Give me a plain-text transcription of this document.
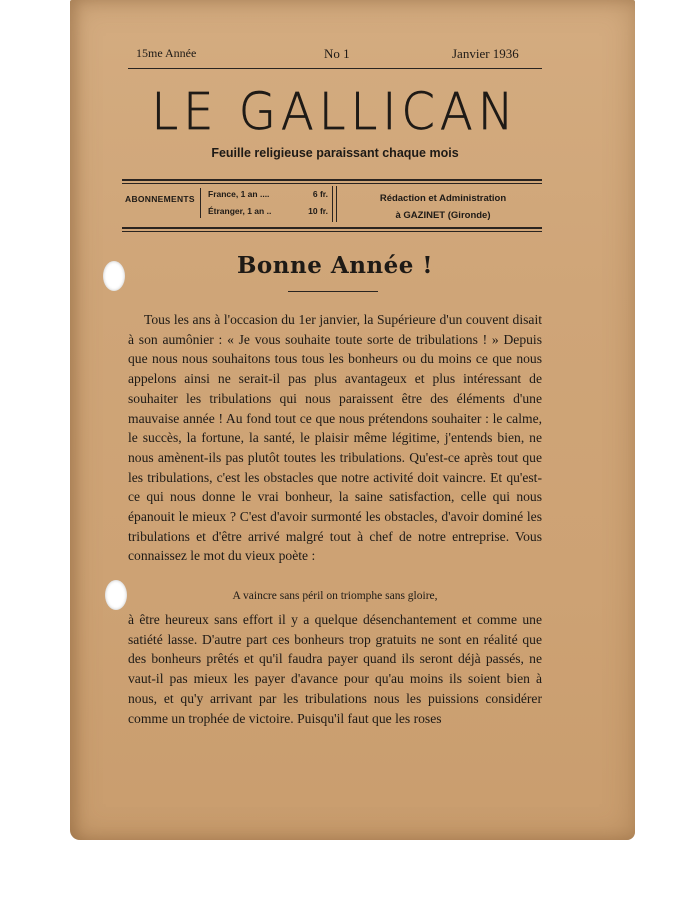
15me Année	No 1	Janvier 1936
LE GALLICAN
Feuille religieuse paraissant chaque mois
ABONNEMENTS France, 1 an ....	6 fr.
Étranger, 1 an ..	10 fr.
Rédaction et Administration
à GAZINET (Gironde)
Bonne Année !
Tous les ans à l'occasion du 1er janvier, la Supérieure d'un couvent disait à son aumônier : « Je vous souhaite toute sorte de tribulations ! » Depuis que nous nous souhaitons tous tous les bonheurs ou du moins ce que nous appelons ainsi ne serait-il pas plus avantageux et plus intéressant de souhaiter les tribulations qui nous paraissent être des éléments d'une mauvaise année ! Au fond tout ce que nous prétendons souhaiter : le calme, le succès, la fortune, la santé, le plaisir même légitime, j'entends bien, ne nous amènent-ils pas plutôt toutes les tribulations. Qu'est-ce après tout que les tribulations, c'est les obstacles que notre activité doit vaincre. Et qu'est-ce qui nous donne le vrai bonheur, la saine satisfaction, celle qui nous épanouit le mieux ? C'est d'avoir surmonté les obstacles, d'avoir dominé les tribulations et d'être arrivé malgré tout à chef de notre entreprise. Vous connaissez le mot du vieux poète :
A vaincre sans péril on triomphe sans gloire,
à être heureux sans effort il y a quelque désenchantement et comme une satiété lasse. D'autre part ces bonheurs trop gratuits ne sont en réalité que des bonheurs prêtés et qu'il faudra payer quand ils seront déjà passés, ne vaut-il pas mieux les payer d'avance pour qu'au moins ils soient bien à nous, et qu'y arrivant par les tribulations nous les puissions considérer comme un trophée de victoire. Puisqu'il faut que les roses
